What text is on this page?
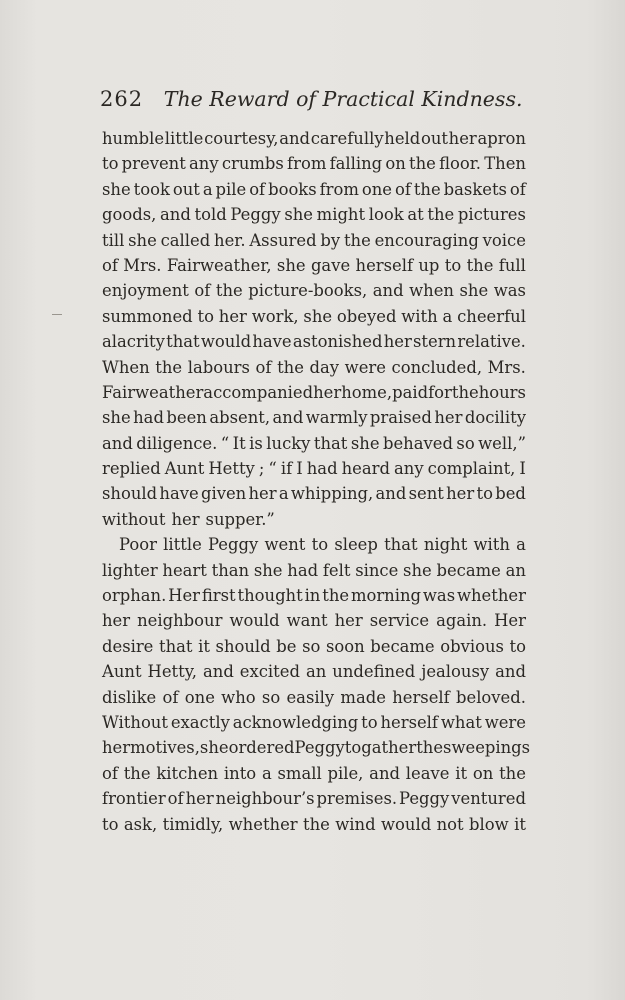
262 The Reward of Practical Kindness.
humble little courtesy, and carefully held out her apron
to prevent any crumbs from falling on the floor. Then
she took out a pile of books from one of the baskets of
goods, and told Peggy she might look at the pictures
till she called her. Assured by the encouraging voice
of Mrs. Fairweather, she gave herself up to the full
enjoyment of the picture-books, and when she was
summoned to her work, she obeyed with a cheerful
alacrity that would have astonished her stern relative.
When the labours of the day were concluded, Mrs.
Fairweather accompanied her home, paid for the hours
she had been absent, and warmly praised her docility
and diligence. “ It is lucky that she behaved so well,”
replied Aunt Hetty ; “ if I had heard any complaint, I
should have given her a whipping, and sent her to bed
without her supper.”
Poor little Peggy went to sleep that night with a
lighter heart than she had felt since she became an
orphan. Her first thought in the morning was whether
her neighbour would want her service again. Her
desire that it should be so soon became obvious to
Aunt Hetty, and excited an undefined jealousy and
dislike of one who so easily made herself beloved.
Without exactly acknowledging to herself what were
her motives, she ordered Peggy to gather the sweepings
of the kitchen into a small pile, and leave it on the
frontier of her neighbour’s premises. Peggy ventured
to ask, timidly, whether the wind would not blow it
